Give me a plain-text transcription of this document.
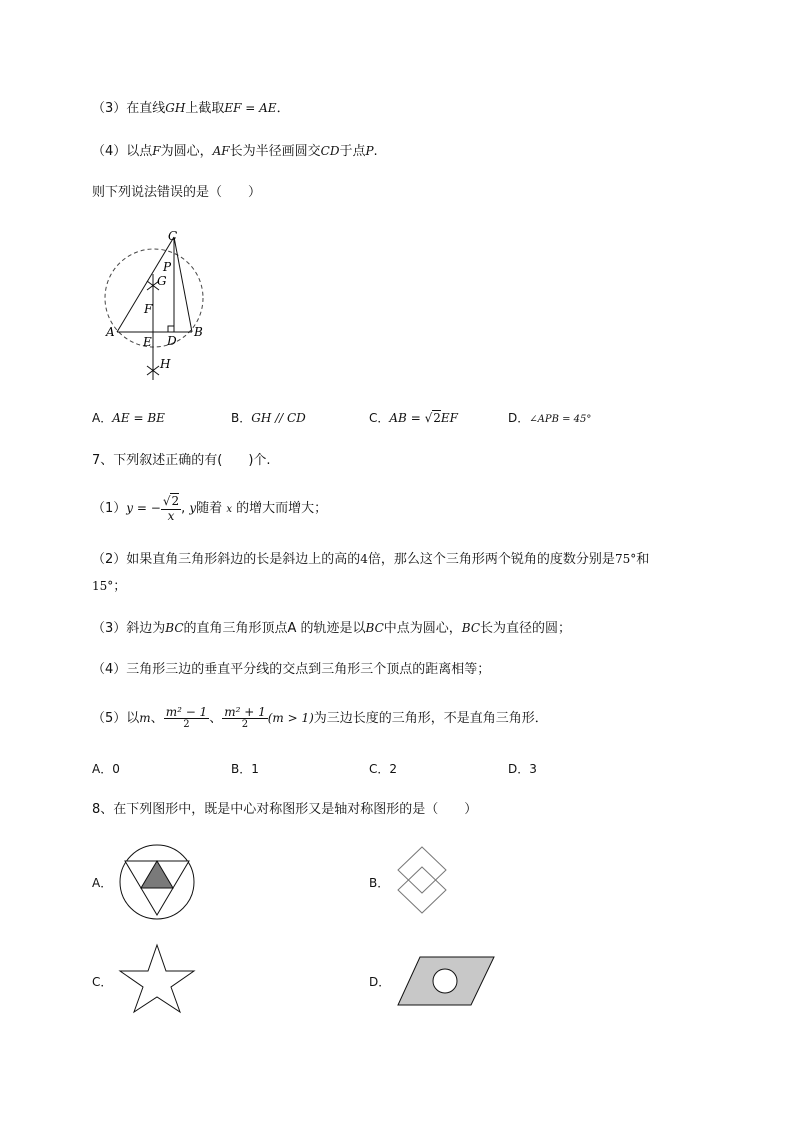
（3）在直线GH上截取EF = AE．
（4）以点F为圆心，AF长为半径画圆交CD于点P.
则下列说法错误的是（　　）
C
P
G
F
A
E D
B
H
A．AE = BE	B．GH // CD	C．AB = √2EF	D．∠APB = 45°
7、下列叙述正确的有(　　)个.
（1）y = − $\frac{√2}{x}$ , y随着 x 的增大而增大；
（2）如果直角三角形斜边的长是斜边上的高的4倍，那么这个三角形两个锐角的度数分别是75°和
15°；
（3）斜边为BC的直角三角形顶点A 的轨迹是以BC中点为圆心，BC长为直径的圆；
（4）三角形三边的垂直平分线的交点到三角形三个顶点的距离相等；
（5）以m、 $\frac{\text{m² − 1}}{2}$ 、 $\frac{\text{m² + 1}}{2} (m > 1)$为三边长度的三角形，不是直角三角形．
A．0	B．1	C．2	D．3
8、在下列图形中，既是中心对称图形又是轴对称图形的是（　　）
A．	B．
C．	D．
